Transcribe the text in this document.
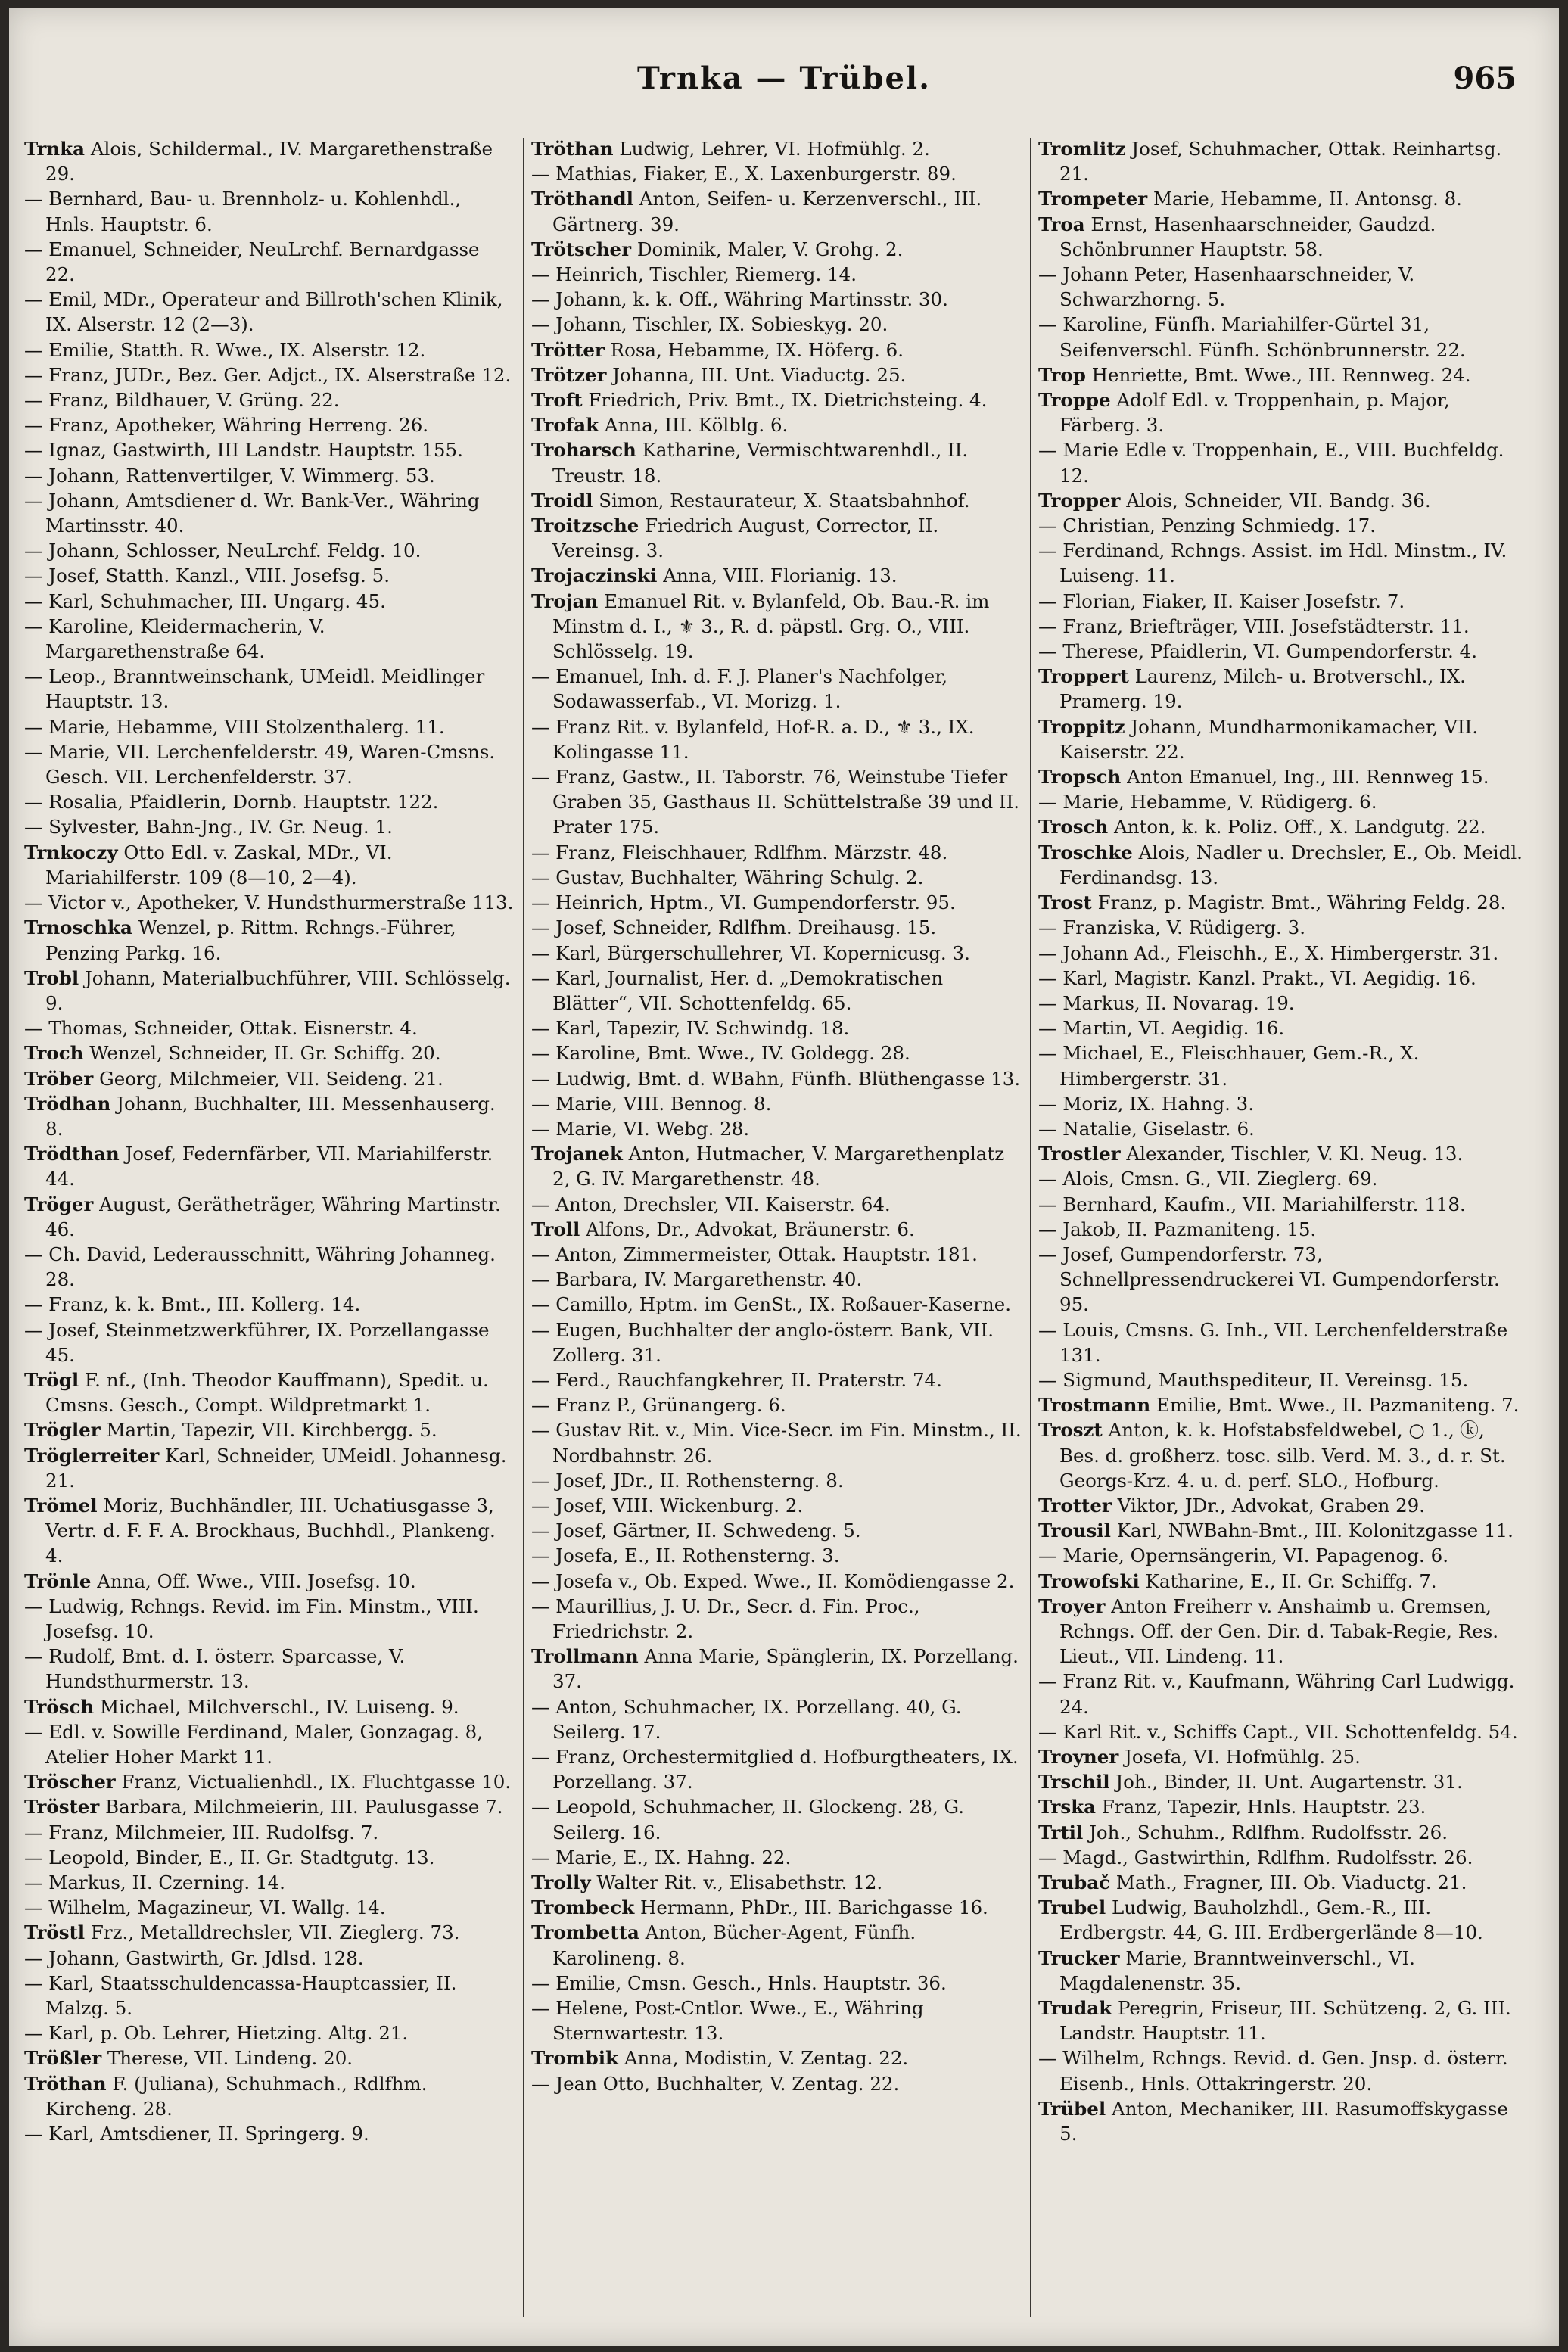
Trnka — Trübel.	965

Trnka Alois, Schildermal., IV. Margarethenstraße 29.

— Bernhard, Bau- u. Brennholz- u. Kohlenhdl., Hnls. Hauptstr. 6.

— Emanuel, Schneider, NeuLrchf. Bernardgasse 22.

— Emil, MDr., Operateur and Billroth'schen Klinik, IX. Alserstr. 12 (2—3).

— Emilie, Statth. R. Wwe., IX. Alserstr. 12.

— Franz, JUDr., Bez. Ger. Adjct., IX. Alserstraße 12.

— Franz, Bildhauer, V. Grüng. 22.

— Franz, Apotheker, Währing Herreng. 26.

— Ignaz, Gastwirth, III Landstr. Hauptstr. 155.

— Johann, Rattenvertilger, V. Wimmerg. 53.

— Johann, Amtsdiener d. Wr. Bank-Ver., Währing Martinsstr. 40.

— Johann, Schlosser, NeuLrchf. Feldg. 10.

— Josef, Statth. Kanzl., VIII. Josefsg. 5.

— Karl, Schuhmacher, III. Ungarg. 45.

— Karoline, Kleidermacherin, V. Margarethenstraße 64.

— Leop., Branntweinschank, UMeidl. Meidlinger Hauptstr. 13.

— Marie, Hebamme, VIII Stolzenthalerg. 11.

— Marie, VII. Lerchenfelderstr. 49, Waren-Cmsns. Gesch. VII. Lerchenfelderstr. 37.

— Rosalia, Pfaidlerin, Dornb. Hauptstr. 122.

— Sylvester, Bahn-Jng., IV. Gr. Neug. 1.

Trnkoczy Otto Edl. v. Zaskal, MDr., VI. Mariahilferstr. 109 (8—10, 2—4).

— Victor v., Apotheker, V. Hundsthurmerstraße 113.

Trnoschka Wenzel, p. Rittm. Rchngs.-Führer, Penzing Parkg. 16.

Trobl Johann, Materialbuchführer, VIII. Schlösselg. 9.

— Thomas, Schneider, Ottak. Eisnerstr. 4.

Troch Wenzel, Schneider, II. Gr. Schiffg. 20.

Tröber Georg, Milchmeier, VII. Seideng. 21.

Trödhan Johann, Buchhalter, III. Messenhauserg. 8.

Trödthan Josef, Federnfärber, VII. Mariahilferstr. 44.

Tröger August, Gerätheträger, Währing Martinstr. 46.

— Ch. David, Lederausschnitt, Währing Johanneg. 28.

— Franz, k. k. Bmt., III. Kollerg. 14.

— Josef, Steinmetzwerkführer, IX. Porzellangasse 45.

Trögl F. nf., (Inh. Theodor Kauffmann), Spedit. u. Cmsns. Gesch., Compt. Wildpretmarkt 1.

Trögler Martin, Tapezir, VII. Kirchbergg. 5.

Tröglerreiter Karl, Schneider, UMeidl. Johannesg. 21.

Trömel Moriz, Buchhändler, III. Uchatiusgasse 3, Vertr. d. F. F. A. Brockhaus, Buchhdl., Plankeng. 4.

Trönle Anna, Off. Wwe., VIII. Josefsg. 10.

— Ludwig, Rchngs. Revid. im Fin. Minstm., VIII. Josefsg. 10.

— Rudolf, Bmt. d. I. österr. Sparcasse, V. Hundsthurmerstr. 13.

Trösch Michael, Milchverschl., IV. Luiseng. 9.

— Edl. v. Sowille Ferdinand, Maler, Gonzagag. 8, Atelier Hoher Markt 11.

Tröscher Franz, Victualienhdl., IX. Fluchtgasse 10.

Tröster Barbara, Milchmeierin, III. Paulusgasse 7.

— Franz, Milchmeier, III. Rudolfsg. 7.

— Leopold, Binder, E., II. Gr. Stadtgutg. 13.

— Markus, II. Czerning. 14.

— Wilhelm, Magazineur, VI. Wallg. 14.

Tröstl Frz., Metalldrechsler, VII. Zieglerg. 73.

— Johann, Gastwirth, Gr. Jdlsd. 128.

— Karl, Staatsschuldencassa-Hauptcassier, II. Malzg. 5.

— Karl, p. Ob. Lehrer, Hietzing. Altg. 21.

Trößler Therese, VII. Lindeng. 20.

Tröthan F. (Juliana), Schuhmach., Rdlfhm. Kircheng. 28.

— Karl, Amtsdiener, II. Springerg. 9.

Tröthan Ludwig, Lehrer, VI. Hofmühlg. 2.

— Mathias, Fiaker, E., X. Laxenburgerstr. 89.

Tröthandl Anton, Seifen- u. Kerzenverschl., III. Gärtnerg. 39.

Trötscher Dominik, Maler, V. Grohg. 2.

— Heinrich, Tischler, Riemerg. 14.

— Johann, k. k. Off., Währing Martinsstr. 30.

— Johann, Tischler, IX. Sobieskyg. 20.

Trötter Rosa, Hebamme, IX. Höferg. 6.

Trötzer Johanna, III. Unt. Viaductg. 25.

Troft Friedrich, Priv. Bmt., IX. Dietrichsteing. 4.

Trofak Anna, III. Kölblg. 6.

Troharsch Katharine, Vermischtwarenhdl., II. Treustr. 18.

Troidl Simon, Restaurateur, X. Staatsbahnhof.

Troitzsche Friedrich August, Corrector, II. Vereinsg. 3.

Trojaczinski Anna, VIII. Florianig. 13.

Trojan Emanuel Rit. v. Bylanfeld, Ob. Bau.-R. im Minstm d. I., ⚜ 3., R. d. päpstl. Grg. O., VIII. Schlösselg. 19.

— Emanuel, Inh. d. F. J. Planer's Nachfolger, Sodawasserfab., VI. Morizg. 1.

— Franz Rit. v. Bylanfeld, Hof-R. a. D., ⚜ 3., IX. Kolingasse 11.

— Franz, Gastw., II. Taborstr. 76, Weinstube Tiefer Graben 35, Gasthaus II. Schüttelstraße 39 und II. Prater 175.

— Franz, Fleischhauer, Rdlfhm. Märzstr. 48.

— Gustav, Buchhalter, Währing Schulg. 2.

— Heinrich, Hptm., VI. Gumpendorferstr. 95.

— Josef, Schneider, Rdlfhm. Dreihausg. 15.

— Karl, Bürgerschullehrer, VI. Kopernicusg. 3.

— Karl, Journalist, Her. d. „Demokratischen Blätter“, VII. Schottenfeldg. 65.

— Karl, Tapezir, IV. Schwindg. 18.

— Karoline, Bmt. Wwe., IV. Goldegg. 28.

— Ludwig, Bmt. d. WBahn, Fünfh. Blüthengasse 13.

— Marie, VIII. Bennog. 8.

— Marie, VI. Webg. 28.

Trojanek Anton, Hutmacher, V. Margarethenplatz 2, G. IV. Margarethenstr. 48.

— Anton, Drechsler, VII. Kaiserstr. 64.

Troll Alfons, Dr., Advokat, Bräunerstr. 6.

— Anton, Zimmermeister, Ottak. Hauptstr. 181.

— Barbara, IV. Margarethenstr. 40.

— Camillo, Hptm. im GenSt., IX. Roßauer-Kaserne.

— Eugen, Buchhalter der anglo-österr. Bank, VII. Zollerg. 31.

— Ferd., Rauchfangkehrer, II. Praterstr. 74.

— Franz P., Grünangerg. 6.

— Gustav Rit. v., Min. Vice-Secr. im Fin. Minstm., II. Nordbahnstr. 26.

— Josef, JDr., II. Rothensterng. 8.

— Josef, VIII. Wickenburg. 2.

— Josef, Gärtner, II. Schwedeng. 5.

— Josefa, E., II. Rothensterng. 3.

— Josefa v., Ob. Exped. Wwe., II. Komödiengasse 2.

— Maurillius, J. U. Dr., Secr. d. Fin. Proc., Friedrichstr. 2.

Trollmann Anna Marie, Spänglerin, IX. Porzellang. 37.

— Anton, Schuhmacher, IX. Porzellang. 40, G. Seilerg. 17.

— Franz, Orchestermitglied d. Hofburgtheaters, IX. Porzellang. 37.

— Leopold, Schuhmacher, II. Glockeng. 28, G. Seilerg. 16.

— Marie, E., IX. Hahng. 22.

Trolly Walter Rit. v., Elisabethstr. 12.

Trombeck Hermann, PhDr., III. Barichgasse 16.

Trombetta Anton, Bücher-Agent, Fünfh. Karolineng. 8.

— Emilie, Cmsn. Gesch., Hnls. Hauptstr. 36.

— Helene, Post-Cntlor. Wwe., E., Währing Sternwartestr. 13.

Trombik Anna, Modistin, V. Zentag. 22.

— Jean Otto, Buchhalter, V. Zentag. 22.

Tromlitz Josef, Schuhmacher, Ottak. Reinhartsg. 21.

Trompeter Marie, Hebamme, II. Antonsg. 8.

Troa Ernst, Hasenhaarschneider, Gaudzd. Schönbrunner Hauptstr. 58.

— Johann Peter, Hasenhaarschneider, V. Schwarzhorng. 5.

— Karoline, Fünfh. Mariahilfer-Gürtel 31, Seifenverschl. Fünfh. Schönbrunnerstr. 22.

Trop Henriette, Bmt. Wwe., III. Rennweg. 24.

Troppe Adolf Edl. v. Troppenhain, p. Major, Färberg. 3.

— Marie Edle v. Troppenhain, E., VIII. Buchfeldg. 12.

Tropper Alois, Schneider, VII. Bandg. 36.

— Christian, Penzing Schmiedg. 17.

— Ferdinand, Rchngs. Assist. im Hdl. Minstm., IV. Luiseng. 11.

— Florian, Fiaker, II. Kaiser Josefstr. 7.

— Franz, Briefträger, VIII. Josefstädterstr. 11.

— Therese, Pfaidlerin, VI. Gumpendorferstr. 4.

Troppert Laurenz, Milch- u. Brotverschl., IX. Pramerg. 19.

Troppitz Johann, Mundharmonikamacher, VII. Kaiserstr. 22.

Tropsch Anton Emanuel, Ing., III. Rennweg 15.

— Marie, Hebamme, V. Rüdigerg. 6.

Trosch Anton, k. k. Poliz. Off., X. Landgutg. 22.

Troschke Alois, Nadler u. Drechsler, E., Ob. Meidl. Ferdinandsg. 13.

Trost Franz, p. Magistr. Bmt., Währing Feldg. 28.

— Franziska, V. Rüdigerg. 3.

— Johann Ad., Fleischh., E., X. Himbergerstr. 31.

— Karl, Magistr. Kanzl. Prakt., VI. Aegidig. 16.

— Markus, II. Novarag. 19.

— Martin, VI. Aegidig. 16.

— Michael, E., Fleischhauer, Gem.-R., X. Himbergerstr. 31.

— Moriz, IX. Hahng. 3.

— Natalie, Giselastr. 6.

Trostler Alexander, Tischler, V. Kl. Neug. 13.

— Alois, Cmsn. G., VII. Zieglerg. 69.

— Bernhard, Kaufm., VII. Mariahilferstr. 118.

— Jakob, II. Pazmaniteng. 15.

— Josef, Gumpendorferstr. 73, Schnellpressendruckerei VI. Gumpendorferstr. 95.

— Louis, Cmsns. G. Inh., VII. Lerchenfelderstraße 131.

— Sigmund, Mauthspediteur, II. Vereinsg. 15.

Trostmann Emilie, Bmt. Wwe., II. Pazmaniteng. 7.

Troszt Anton, k. k. Hofstabsfeldwebel, ○ 1., ⓚ, Bes. d. großherz. tosc. silb. Verd. M. 3., d. r. St. Georgs-Krz. 4. u. d. perf. SLO., Hofburg.

Trotter Viktor, JDr., Advokat, Graben 29.

Trousil Karl, NWBahn-Bmt., III. Kolonitzgasse 11.

— Marie, Opernsängerin, VI. Papagenog. 6.

Trowofski Katharine, E., II. Gr. Schiffg. 7.

Troyer Anton Freiherr v. Anshaimb u. Gremsen, Rchngs. Off. der Gen. Dir. d. Tabak-Regie, Res. Lieut., VII. Lindeng. 11.

— Franz Rit. v., Kaufmann, Währing Carl Ludwigg. 24.

— Karl Rit. v., Schiffs Capt., VII. Schottenfeldg. 54.

Troyner Josefa, VI. Hofmühlg. 25.

Trschil Joh., Binder, II. Unt. Augartenstr. 31.

Trska Franz, Tapezir, Hnls. Hauptstr. 23.

Trtil Joh., Schuhm., Rdlfhm. Rudolfsstr. 26.

— Magd., Gastwirthin, Rdlfhm. Rudolfsstr. 26.

Trubač Math., Fragner, III. Ob. Viaductg. 21.

Trubel Ludwig, Bauholzhdl., Gem.-R., III. Erdbergstr. 44, G. III. Erdbergerlände 8—10.

Trucker Marie, Branntweinverschl., VI. Magdalenenstr. 35.

Trudak Peregrin, Friseur, III. Schützeng. 2, G. III. Landstr. Hauptstr. 11.

— Wilhelm, Rchngs. Revid. d. Gen. Jnsp. d. österr. Eisenb., Hnls. Ottakringerstr. 20.

Trübel Anton, Mechaniker, III. Rasumoffskygasse 5.
